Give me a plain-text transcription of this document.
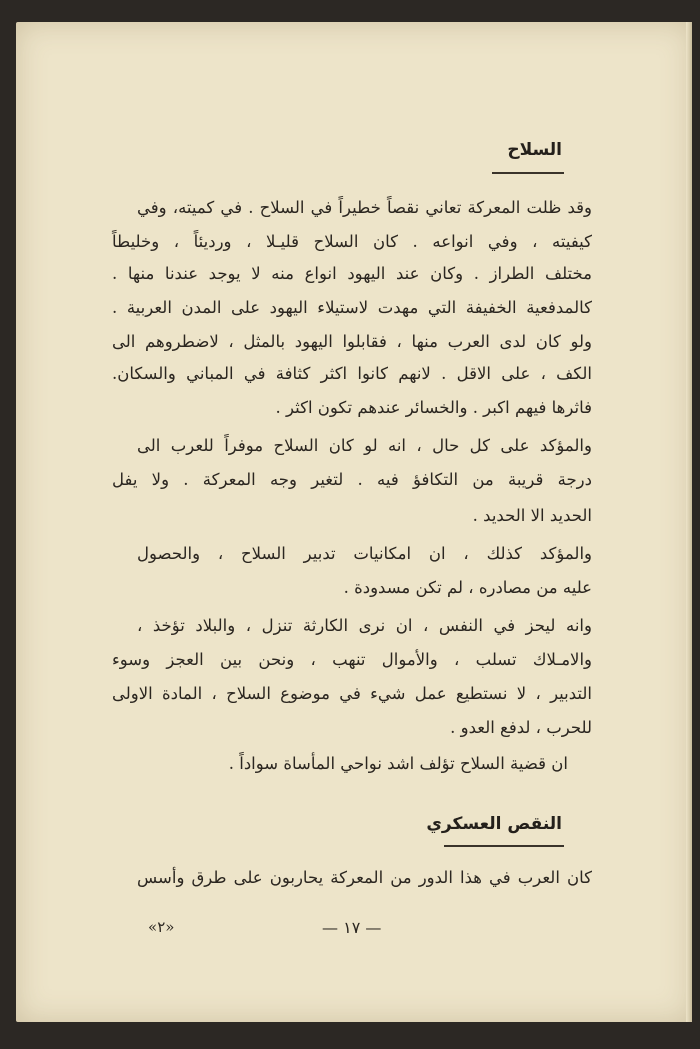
السلاح
وقد ظلت المعركة تعاني نقصاً خطيراً في السلاح . في كميته، وفي
كيفيته ، وفي انواعه . كان السلاح قليـلا ، ورديئاً ، وخليطاً
مختلف الطراز . وكان عند اليهود انواع منه لا يوجد عندنا منها .
كالمدفعية الخفيفة التي مهدت لاستيلاء اليهود على المدن العربية .
ولو كان لدى العرب منها ، فقابلوا اليهود بالمثل ، لاضطروهم الى
الكف ، على الاقل . لانهم كانوا اكثر كثافة في المباني والسكان.
فاثرها فيهم اكبر . والخسائر عندهم تكون اكثر .
والمؤكد على كل حال ، انه لو كان السلاح موفراً للعرب الى
درجة قريبة من التكافؤ فيه . لتغير وجه المعركة . ولا يفل
الحديد الا الحديد .
والمؤكد كذلك ، ان امكانيات تدبير السلاح ، والحصول
عليه من مصادره ، لم تكن مسدودة .
وانه ليحز في النفس ، ان نرى الكارثة تنزل ، والبلاد تؤخذ ،
والامـلاك تسلب ، والأموال تنهب ، ونحن بين العجز وسوء
التدبير ، لا نستطيع عمل شيء في موضوع السلاح ، المادة الاولى
للحرب ، لدفع العدو .
ان قضية السلاح تؤلف اشد نواحي المأساة سواداً .
النقص العسكري
كان العرب في هذا الدور من المعركة يحاربون على طرق وأسس
«٢»	— ١٧ —
